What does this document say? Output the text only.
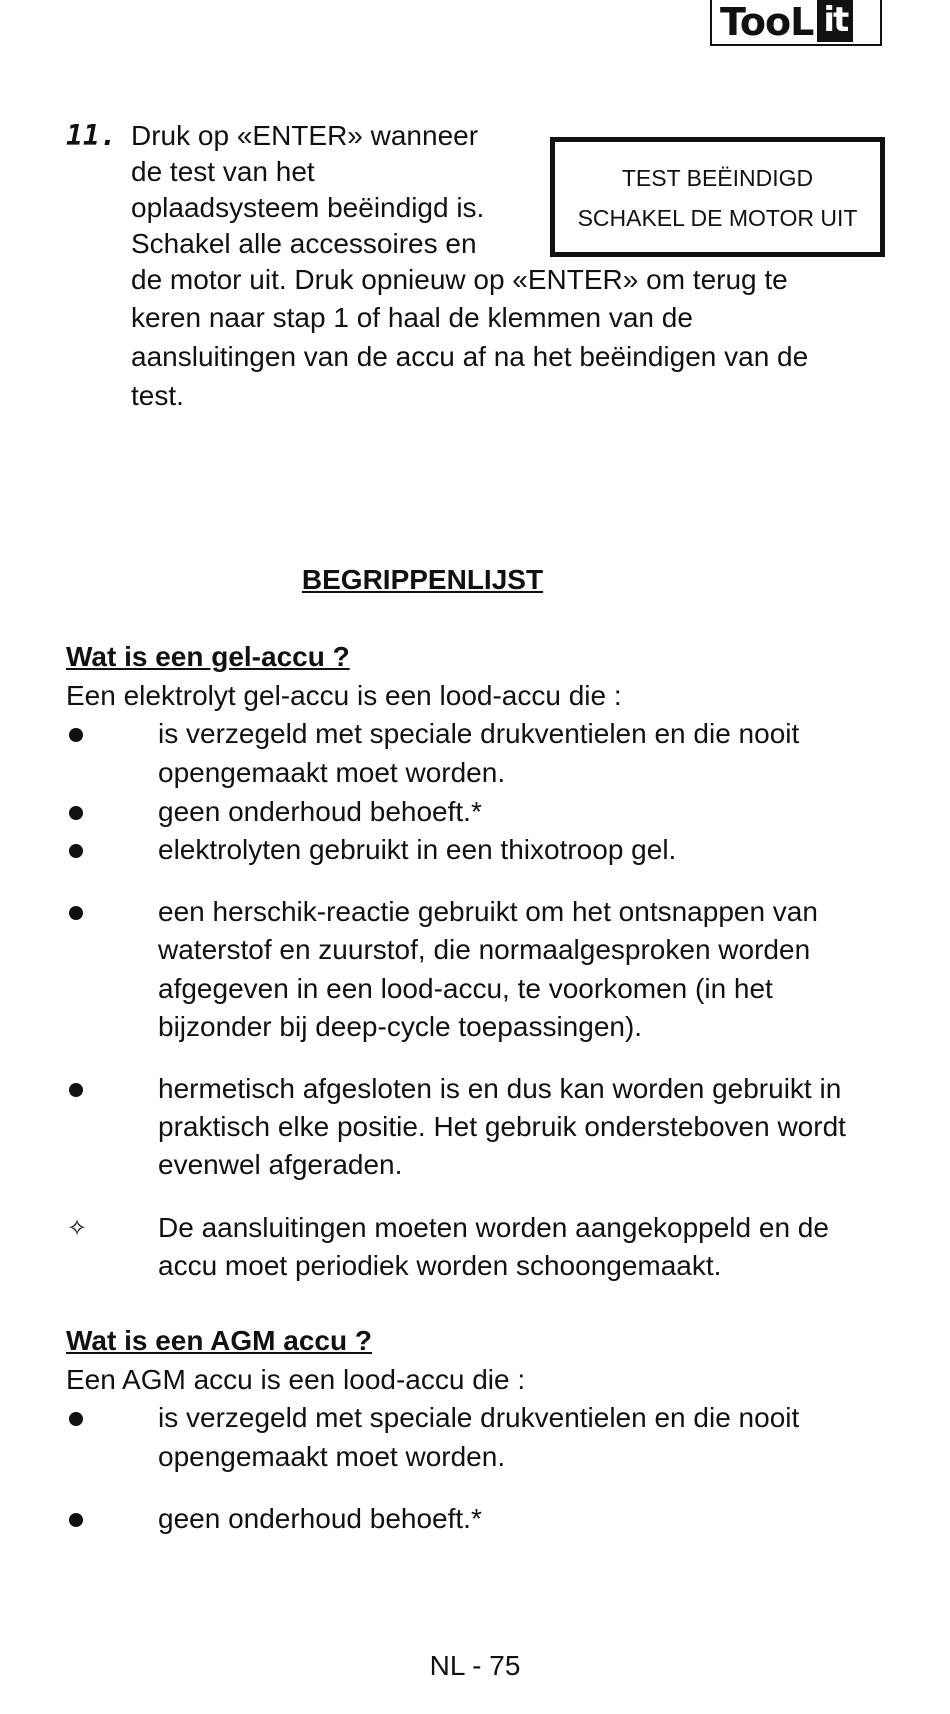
TooL it
11. Druk op «ENTER» wanneer
de test van het
oplaadsysteem beëindigd is.
Schakel alle accessoires en
de motor uit. Druk opnieuw op «ENTER» om terug te
keren naar stap 1 of haal de klemmen van de
aansluitingen van de accu af na het beëindigen van de
test.
TEST BEËINDIGD
SCHAKEL DE MOTOR UIT
BEGRIPPENLIJST
Wat is een gel-accu ?
Een elektrolyt gel-accu is een lood-accu die :
is verzegeld met speciale drukventielen en die nooit
opengemaakt moet worden.
geen onderhoud behoeft.*
elektrolyten gebruikt in een thixotroop gel.
een herschik-reactie gebruikt om het ontsnappen van
waterstof en zuurstof, die normaalgesproken worden
afgegeven in een lood-accu, te voorkomen (in het
bijzonder bij deep-cycle toepassingen).
hermetisch afgesloten is en dus kan worden gebruikt in
praktisch elke positie. Het gebruik ondersteboven wordt
evenwel afgeraden.
✧	De aansluitingen moeten worden aangekoppeld en de
accu moet periodiek worden schoongemaakt.
Wat is een AGM accu ?
Een AGM accu is een lood-accu die :
is verzegeld met speciale drukventielen en die nooit
opengemaakt moet worden.
geen onderhoud behoeft.*
NL - 75
